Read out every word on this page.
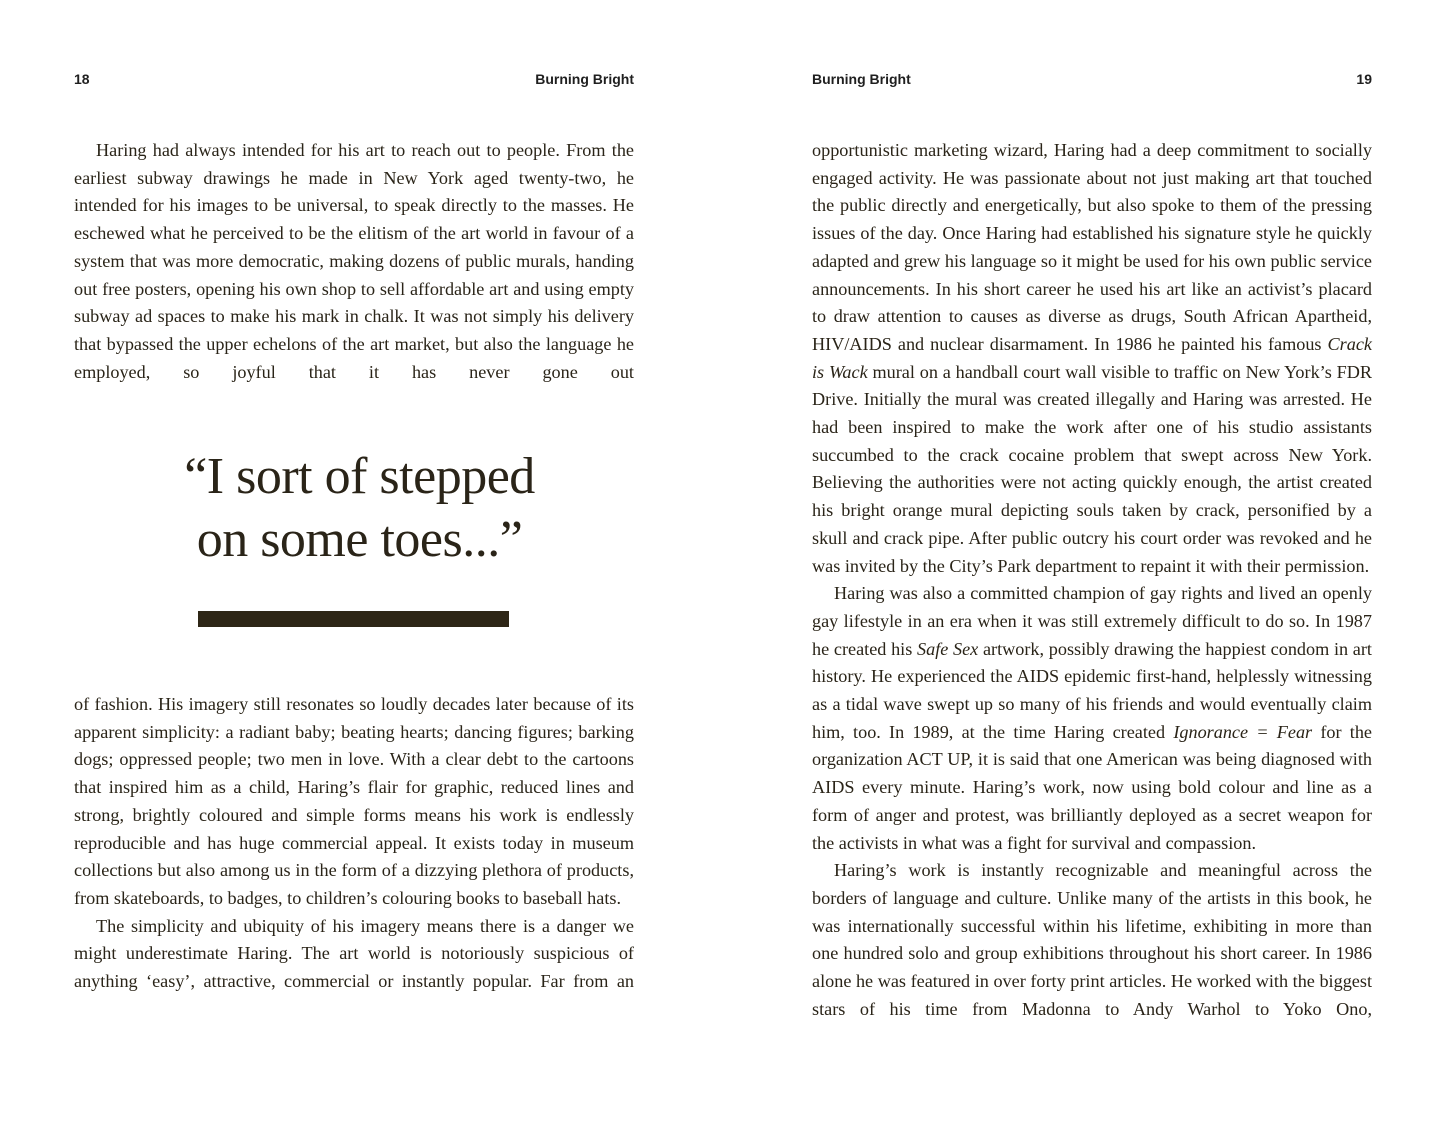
18	Burning Bright

Haring had always intended for his art to reach out to people. From the earliest subway drawings he made in New York aged twenty-two, he intended for his images to be universal, to speak directly to the masses. He eschewed what he perceived to be the elitism of the art world in favour of a system that was more democratic, making dozens of public murals, handing out free posters, opening his own shop to sell affordable art and using empty subway ad spaces to make his mark in chalk. It was not simply his delivery that bypassed the upper echelons of the art market, but also the language he employed, so joyful that it has never gone out

“I sort of stepped
on some toes...”

of fashion. His imagery still resonates so loudly decades later because of its apparent simplicity: a radiant baby; beating hearts; dancing figures; barking dogs; oppressed people; two men in love. With a clear debt to the cartoons that inspired him as a child, Haring’s flair for graphic, reduced lines and strong, brightly coloured and simple forms means his work is endlessly reproducible and has huge commercial appeal. It exists today in museum collections but also among us in the form of a dizzying plethora of products, from skateboards, to badges, to children’s colouring books to baseball hats.

The simplicity and ubiquity of his imagery means there is a danger we might underestimate Haring. The art world is notoriously suspicious of anything ‘easy’, attractive, commercial or instantly popular. Far from an

Burning Bright	19

opportunistic marketing wizard, Haring had a deep commitment to socially engaged activity. He was passionate about not just making art that touched the public directly and energetically, but also spoke to them of the pressing issues of the day. Once Haring had established his signature style he quickly adapted and grew his language so it might be used for his own public service announcements. In his short career he used his art like an activist’s placard to draw attention to causes as diverse as drugs, South African Apartheid, HIV/AIDS and nuclear disarmament. In 1986 he painted his famous Crack is Wack mural on a handball court wall visible to traffic on New York’s FDR Drive. Initially the mural was created illegally and Haring was arrested. He had been inspired to make the work after one of his studio assistants succumbed to the crack cocaine problem that swept across New York. Believing the authorities were not acting quickly enough, the artist created his bright orange mural depicting souls taken by crack, personified by a skull and crack pipe. After public outcry his court order was revoked and he was invited by the City’s Park department to repaint it with their permission.

Haring was also a committed champion of gay rights and lived an openly gay lifestyle in an era when it was still extremely difficult to do so. In 1987 he created his Safe Sex artwork, possibly drawing the happiest condom in art history. He experienced the AIDS epidemic first-hand, helplessly witnessing as a tidal wave swept up so many of his friends and would eventually claim him, too. In 1989, at the time Haring created Ignorance = Fear for the organization ACT UP, it is said that one American was being diagnosed with AIDS every minute. Haring’s work, now using bold colour and line as a form of anger and protest, was brilliantly deployed as a secret weapon for the activists in what was a fight for survival and compassion.

Haring’s work is instantly recognizable and meaningful across the borders of language and culture. Unlike many of the artists in this book, he was internationally successful within his lifetime, exhibiting in more than one hundred solo and group exhibitions throughout his short career. In 1986 alone he was featured in over forty print articles. He worked with the biggest stars of his time from Madonna to Andy Warhol to Yoko Ono,
